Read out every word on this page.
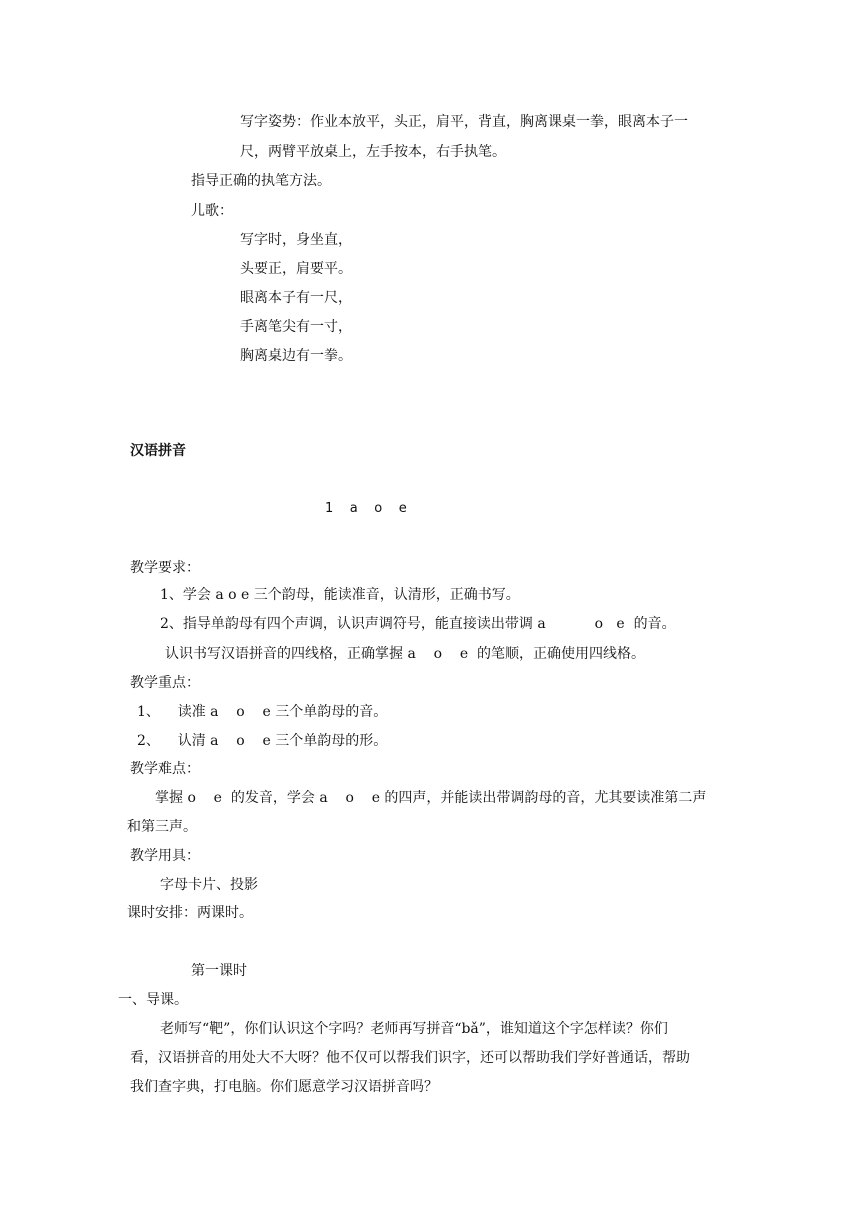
写字姿势：作业本放平，头正，肩平，背直，胸离课桌一拳，眼离本子一

尺，两臂平放桌上，左手按本，右手执笔。

指导正确的执笔方法。

儿歌：

写字时，身坐直，

头要正，肩要平。

眼离本子有一尺，

手离笔尖有一寸，

胸离桌边有一拳。

汉语拼音

1    a    o    e

教学要求：

1、学会 a o e 三个韵母，能读准音，认清形，正确书写。

2、指导单韵母有四个声调，认识声调符号，能直接读出带调 a           o   e  的音。

认识书写汉语拼音的四线格，正确掌握 a    o    e  的笔顺，正确使用四线格。

教学重点：

1、    读准 a    o    e 三个单韵母的音。

2、    认清 a    o    e 三个单韵母的形。

教学难点：

掌握 o    e  的发音，学会 a    o    e 的四声，并能读出带调韵母的音，尤其要读准第二声

和第三声。

教学用具：

字母卡片、投影

课时安排：两课时。

第一课时

一、导课。

老师写“靶”，你们认识这个字吗？老师再写拼音“bǎ”，谁知道这个字怎样读？你们

看，汉语拼音的用处大不大呀？他不仅可以帮我们识字，还可以帮助我们学好普通话，帮助

我们查字典，打电脑。你们愿意学习汉语拼音吗？
